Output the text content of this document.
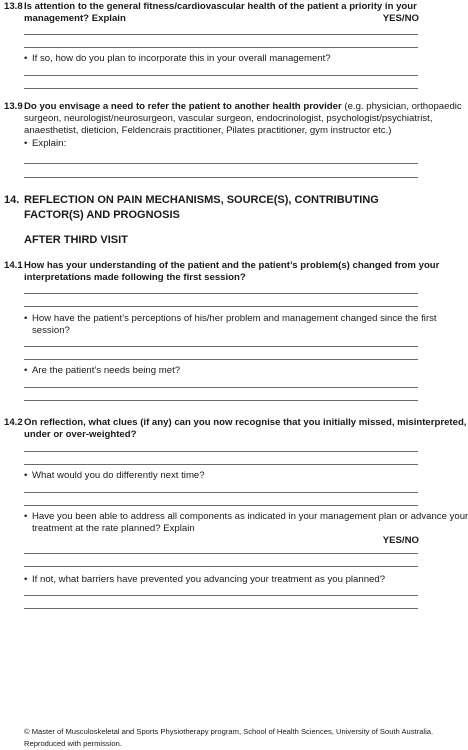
13.8 Is attention to the general fitness/cardiovascular health of the patient a priority in your
management? Explain	YES/NO
• If so, how do you plan to incorporate this in your overall management?
13.9 Do you envisage a need to refer the patient to another health provider (e.g. physician, orthopaedic
surgeon, neurologist/neurosurgeon, vascular surgeon, endocrinologist, psychologist/psychiatrist,
anaesthetist, dieticion, Feldencrais practitioner, Pilates practitioner, gym instructor etc.)
• Explain:
14. REFLECTION ON PAIN MECHANISMS, SOURCE(S), CONTRIBUTING
FACTOR(S) AND PROGNOSIS
AFTER THIRD VISIT
14.1 How has your understanding of the patient and the patient’s problem(s) changed from your
interpretations made following the first session?
• How have the patient’s perceptions of his/her problem and management changed since the first
session?
• Are the patient’s needs being met?
14.2 On reflection, what clues (if any) can you now recognise that you initially missed, misinterpreted,
under or over-weighted?
• What would you do differently next time?
• Have you been able to address all components as indicated in your management plan or advance your
treatment at the rate planned? Explain
YES/NO
• If not, what barriers have prevented you advancing your treatment as you planned?
© Master of Musculoskeletal and Sports Physiotherapy program, School of Health Sciences, University of South Australia.
Reproduced with permission.
